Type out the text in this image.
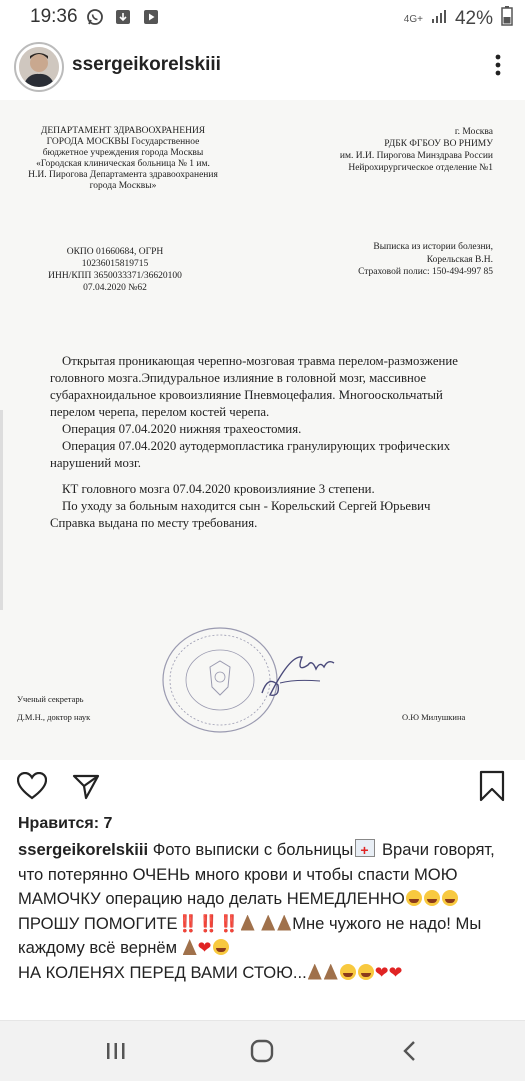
19:36	4G+ 42%
ssergeikorelskiii
ДЕПАРТАМЕНТ ЗДРАВООХРАНЕНИЯ ГОРОДА МОСКВЫ Государственное бюджетное учреждения города Москвы «Городская клиническая больница № 1 им. Н.И. Пирогова Департамента здравоохранения города Москвы»
г. Москва
РДБК ФГБОУ ВО РНИМУ
им. И.И. Пирогова Минздрава России
Нейрохирургическое отделение №1
ОКПО 01660684, ОГРН
1023601581971​5
ИНН/КПП 3650033371/36620100
07.04.2020 №62
Выписка из истории болезни,
Корельская В.Н.
Страховой полис: 150-494-997 85

Открытая проникающая черепно-мозговая травма перелом-размозжение головного мозга.Эпидуральное излияние в головной мозг, массивное субарахноидальное кровоизлияние Пневмоцефалия. Многооскольчатый перелом черепа, перелом костей черепа.

Операция 07.04.2020 нижняя трахеостомия.

Операция 07.04.2020 аутодермопластика гранулирующих трофических нарушений мозг.

КТ головного мозга 07.04.2020 кровоизлияние 3 степени.

По уходу за больным находится сын - Корельский Сергей Юрьевич

Справка выдана по месту требования.

Ученый секретарь
Д.М.Н., доктор наук	О.Ю Милушкина
Нравится: 7
ssergeikorelskiii Фото выписки с больницы+ Врачи говорят, что потерянно ОЧЕНЬ много крови и чтобы спасти МОЮ МАМОЧКУ операцию надо делать НЕМЕДЛЕННОПРОШУ ПОМОГИТЕ‼️‼️‼️	Мне чужого не надо! Мы каждому всё вернём ❤
НА КОЛЕНЯХ ПЕРЕД ВАМИ СТОЮ...	❤❤
